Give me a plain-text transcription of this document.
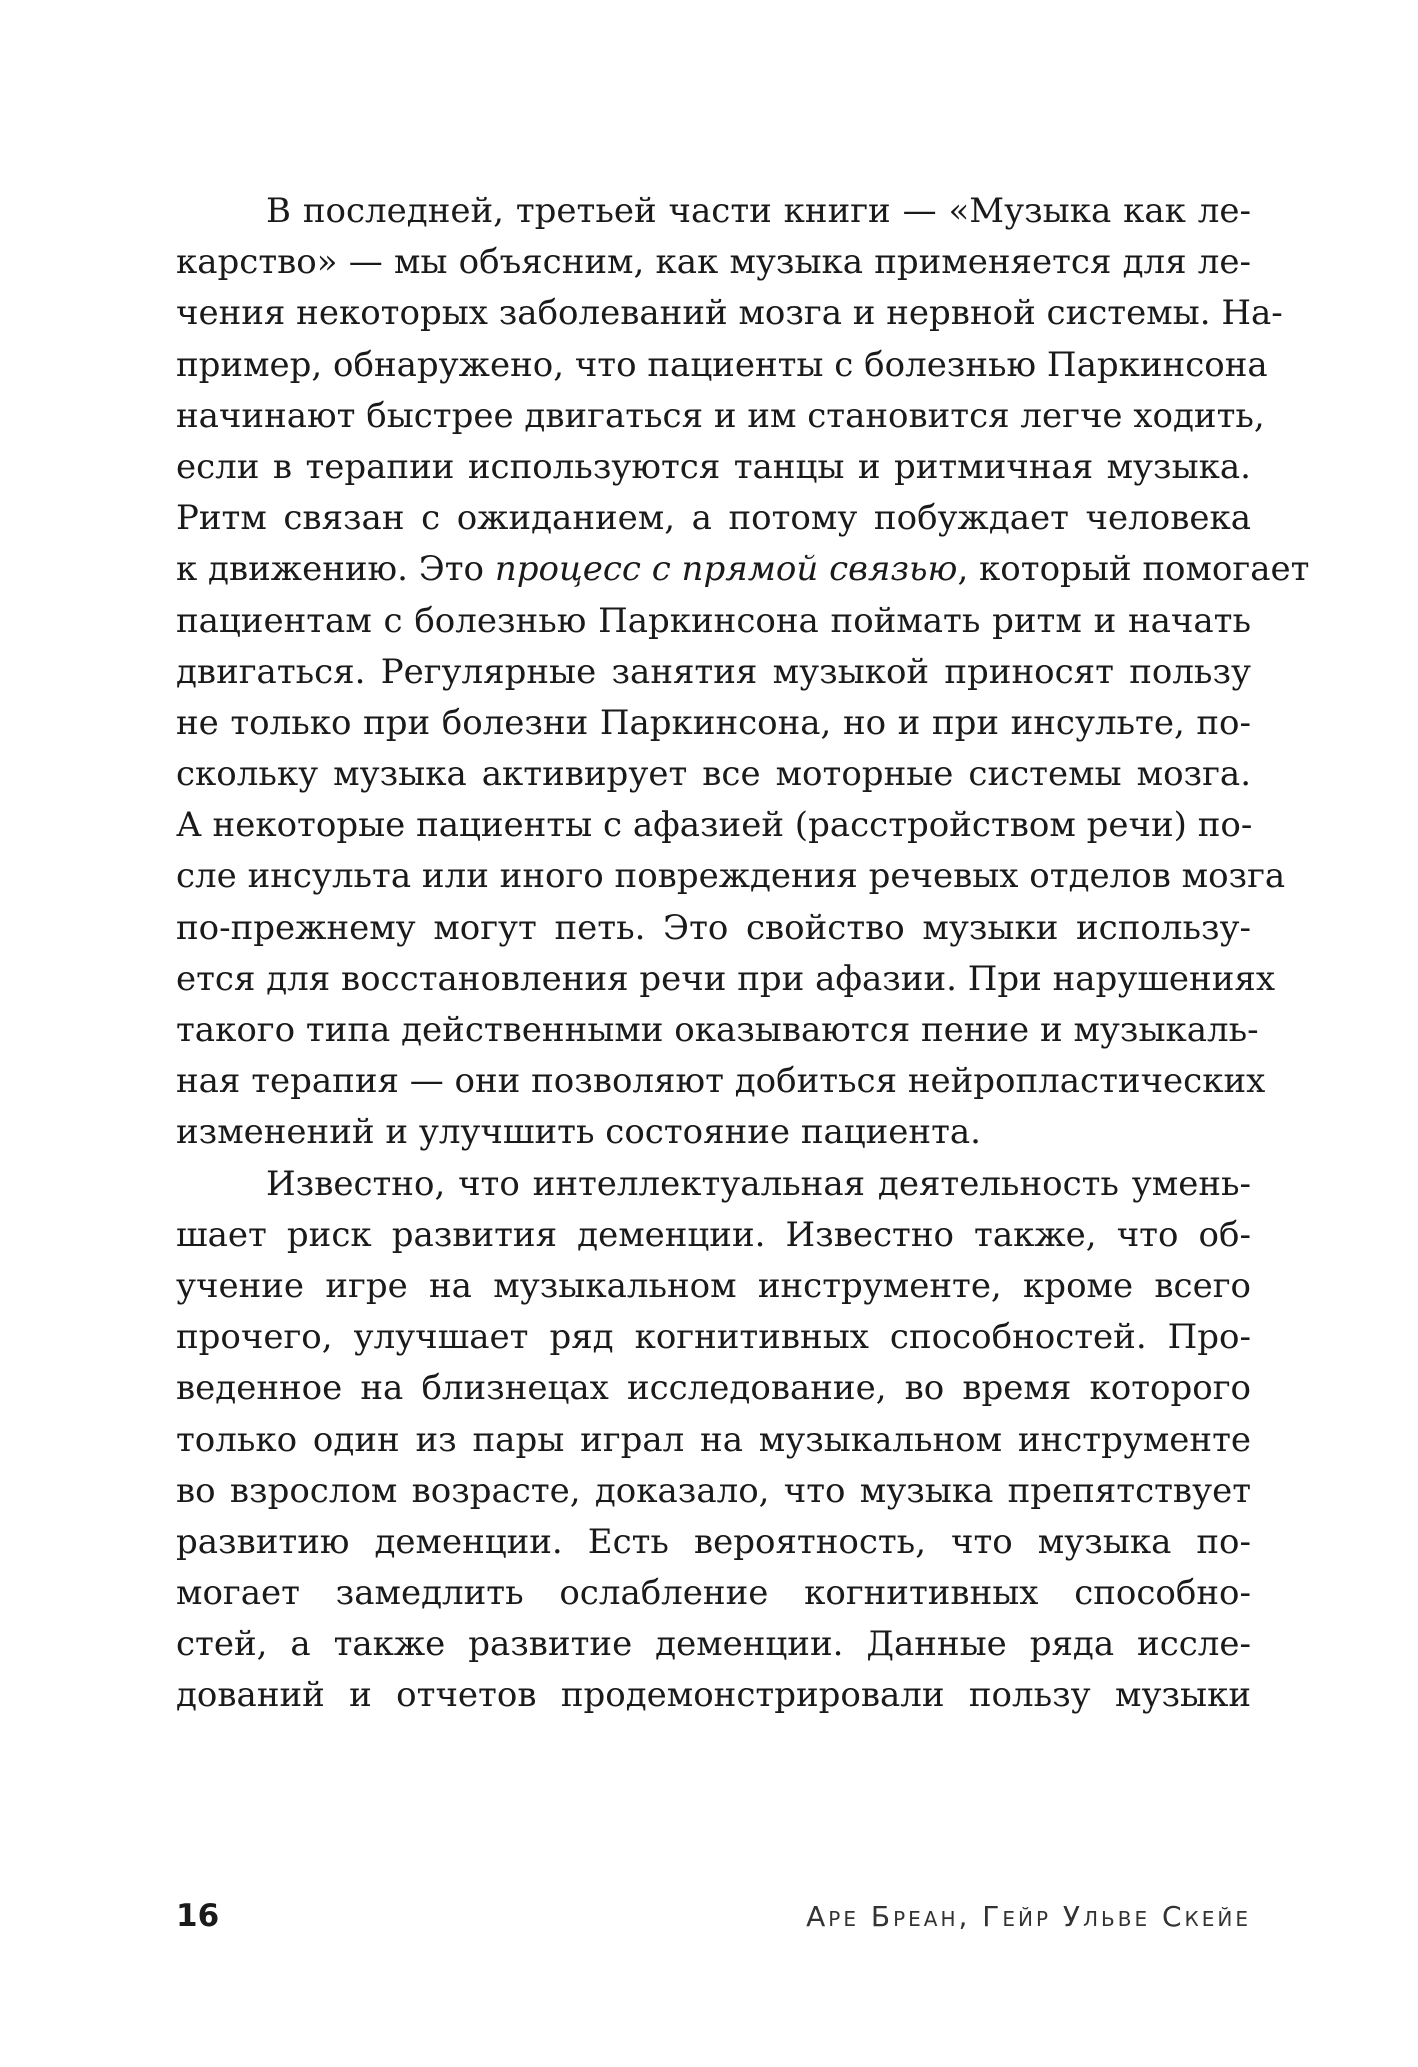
В последней, третьей части книги — «Музыка как ле-
карство» — мы объясним, как музыка применяется для ле-
чения некоторых заболеваний мозга и нервной системы. На-
пример, обнаружено, что пациенты с болезнью Паркинсона
начинают быстрее двигаться и им становится легче ходить,
если в терапии используются танцы и ритмичная музыка.
Ритм связан с ожиданием, а потому побуждает человека
к движению. Это процесс с прямой связью, который помогает
пациентам с болезнью Паркинсона поймать ритм и начать
двигаться. Регулярные занятия музыкой приносят пользу
не только при болезни Паркинсона, но и при инсульте, по-
скольку музыка активирует все моторные системы мозга.
А некоторые пациенты с афазией (расстройством речи) по-
сле инсульта или иного повреждения речевых отделов мозга
по-прежнему могут петь. Это свойство музыки использу-
ется для восстановления речи при афазии. При нарушениях
такого типа действенными оказываются пение и музыкаль-
ная терапия — они позволяют добиться нейропластических
изменений и улучшить состояние пациента.
Известно, что интеллектуальная деятельность умень-
шает риск развития деменции. Известно также, что об-
учение игре на музыкальном инструменте, кроме всего
прочего, улучшает ряд когнитивных способностей. Про-
веденное на близнецах исследование, во время которого
только один из пары играл на музыкальном инструменте
во взрослом возрасте, доказало, что музыка препятствует
развитию деменции. Есть вероятность, что музыка по-
могает замедлить ослабление когнитивных способно-
стей, а также развитие деменции. Данные ряда иссле-
дований и отчетов продемонстрировали пользу музыки
16	Аре Бреан, Гейр Ульве Скейе
